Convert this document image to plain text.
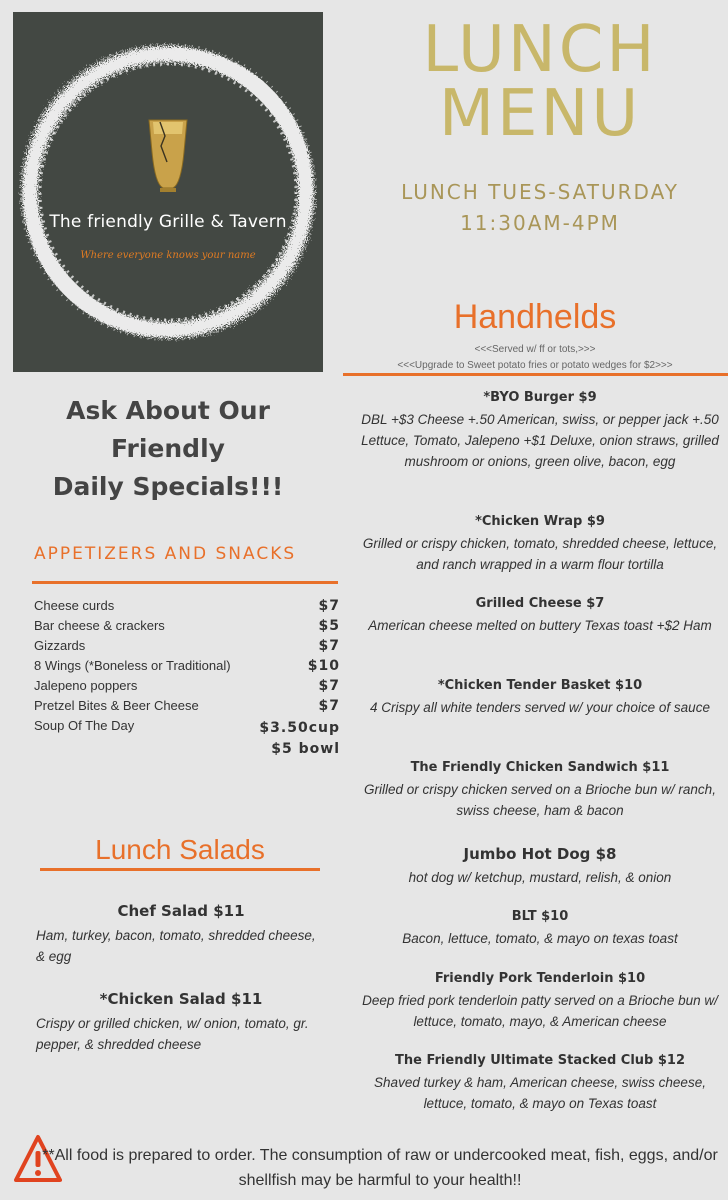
The friendly Grille & Tavern
Where everyone knows your name
LUNCH
MENU
LUNCH TUES-SATURDAY
11:30AM-4PM
Handhelds
<<<Served w/ ff or tots,>>>
<<<Upgrade to Sweet potato fries or potato wedges for $2>>>
Ask About Our
Friendly
Daily Specials!!!
APPETIZERS AND SNACKS
Cheese curds	$7
Bar cheese & crackers	$5
Gizzards	$7
8 Wings (*Boneless or Traditional)	$10
Jalepeno poppers	$7
Pretzel Bites & Beer Cheese	$7
Soup Of The Day	$3.50cup
$5 bowl
Lunch Salads
Chef Salad $11
Ham, turkey, bacon, tomato, shredded cheese, & egg
*Chicken Salad $11
Crispy or grilled chicken, w/ onion, tomato, gr. pepper, & shredded cheese
*BYO Burger $9
DBL +$3 Cheese +.50 American, swiss, or pepper jack +.50 Lettuce, Tomato, Jalepeno +$1 Deluxe, onion straws, grilled mushroom or onions, green olive, bacon, egg
*Chicken Wrap $9
Grilled or crispy chicken, tomato, shredded cheese, lettuce, and ranch wrapped in a warm flour tortilla
Grilled Cheese $7
American cheese melted on buttery Texas toast +$2 Ham
*Chicken Tender Basket $10
4 Crispy all white tenders served w/ your choice of sauce
The Friendly Chicken Sandwich $11
Grilled or crispy chicken served on a Brioche bun w/ ranch, swiss cheese, ham & bacon
Jumbo Hot Dog $8
hot dog w/ ketchup, mustard, relish, & onion
BLT $10
Bacon, lettuce, tomato, & mayo on texas toast
Friendly Pork Tenderloin $10
Deep fried pork tenderloin patty served on a Brioche bun w/ lettuce, tomato, mayo, & American cheese
The Friendly Ultimate Stacked Club $12
Shaved turkey & ham, American cheese, swiss cheese, lettuce, tomato, & mayo on Texas toast
**All food is prepared to order. The consumption of raw or undercooked meat, fish, eggs, and/or shellfish may be harmful to your health!!
